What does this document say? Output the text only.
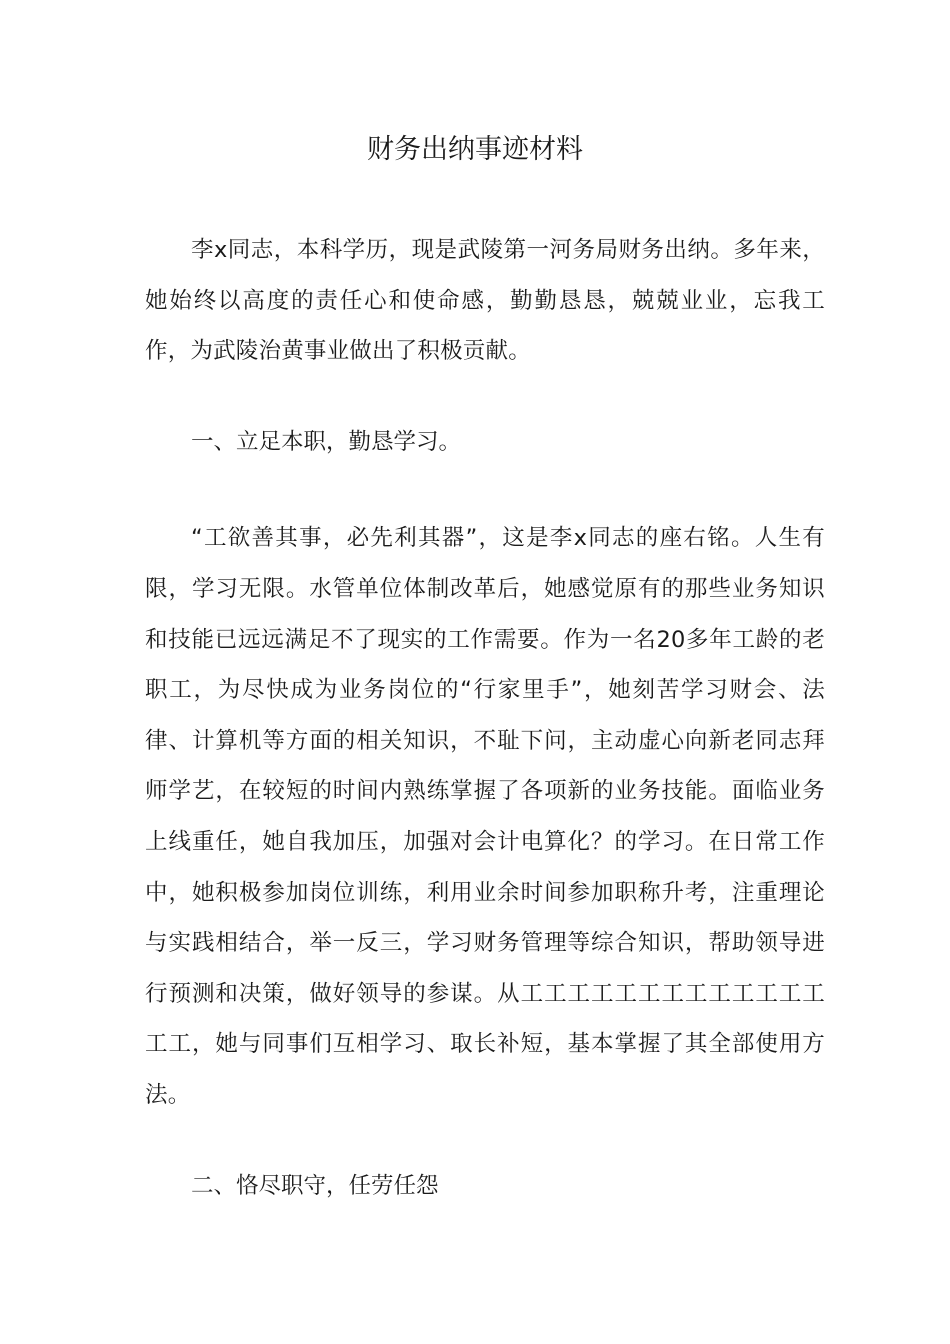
财务出纳事迹材料

李x同志，本科学历，现是武陵第一河务局财务出纳。多年来，她始终以高度的责任心和使命感，勤勤恳恳，兢兢业业，忘我工作，为武陵治黄事业做出了积极贡献。

一、立足本职，勤恳学习。

“工欲善其事，必先利其器”，这是李x同志的座右铭。人生有限，学习无限。水管单位体制改革后，她感觉原有的那些业务知识和技能已远远满足不了现实的工作需要。作为一名20多年工龄的老职工，为尽快成为业务岗位的“行家里手”，她刻苦学习财会、法律、计算机等方面的相关知识，不耻下问，主动虚心向新老同志拜师学艺，在较短的时间内熟练掌握了各项新的业务技能。面临业务上线重任，她自我加压，加强对会计电算化？的学习。在日常工作中，她积极参加岗位训练，利用业余时间参加职称升考，注重理论与实践相结合，举一反三，学习财务管理等综合知识，帮助领导进行预测和决策，做好领导的参谋。从工工工工工工工工工工工工工工工，她与同事们互相学习、取长补短，基本掌握了其全部使用方法。

二、恪尽职守，任劳任怨
